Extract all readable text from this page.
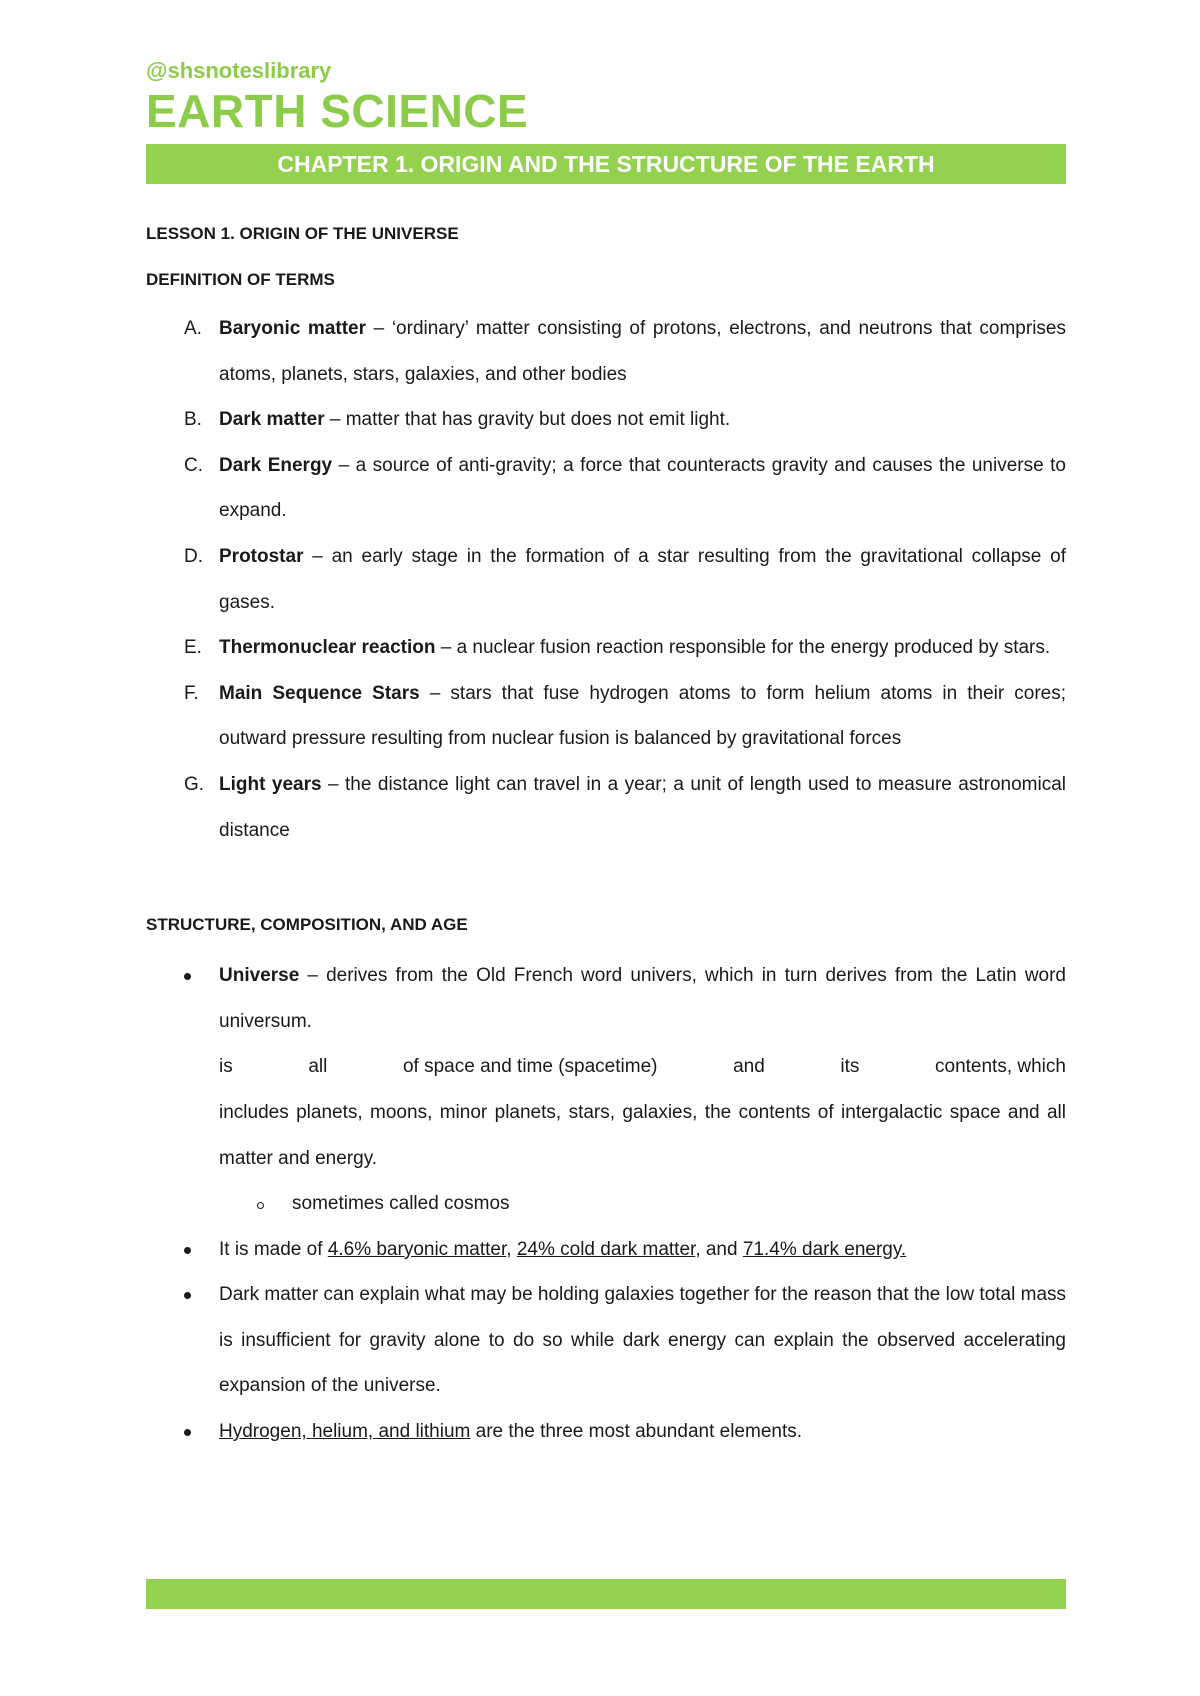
@shsnoteslibrary

EARTH SCIENCE
CHAPTER 1. ORIGIN AND THE STRUCTURE OF THE EARTH

LESSON 1. ORIGIN OF THE UNIVERSE

DEFINITION OF TERMS

A. Baryonic matter – ‘ordinary’ matter consisting of protons, electrons, and neutrons that comprises atoms, planets, stars, galaxies, and other bodies
B. Dark matter – matter that has gravity but does not emit light.
C. Dark Energy – a source of anti-gravity; a force that counteracts gravity and causes the universe to expand.
D. Protostar – an early stage in the formation of a star resulting from the gravitational collapse of gases.
E. Thermonuclear reaction – a nuclear fusion reaction responsible for the energy produced by stars.
F. Main Sequence Stars – stars that fuse hydrogen atoms to form helium atoms in their cores; outward pressure resulting from nuclear fusion is balanced by gravitational forces
G. Light years – the distance light can travel in a year; a unit of length used to measure astronomical distance

STRUCTURE, COMPOSITION, AND AGE

Universe – derives from the Old French word univers, which in turn derives from the Latin word universum.
is	all	of space and time (spacetime)	and	its	contents, which
includes planets, moons, minor planets, stars, galaxies, the contents of intergalactic space and all matter and energy.
sometimes called cosmos
It is made of 4.6% baryonic matter, 24% cold dark matter, and 71.4% dark energy.
Dark matter can explain what may be holding galaxies together for the reason that the low total mass is insufficient for gravity alone to do so while dark energy can explain the observed accelerating expansion of the universe.
Hydrogen, helium, and lithium are the three most abundant elements.
